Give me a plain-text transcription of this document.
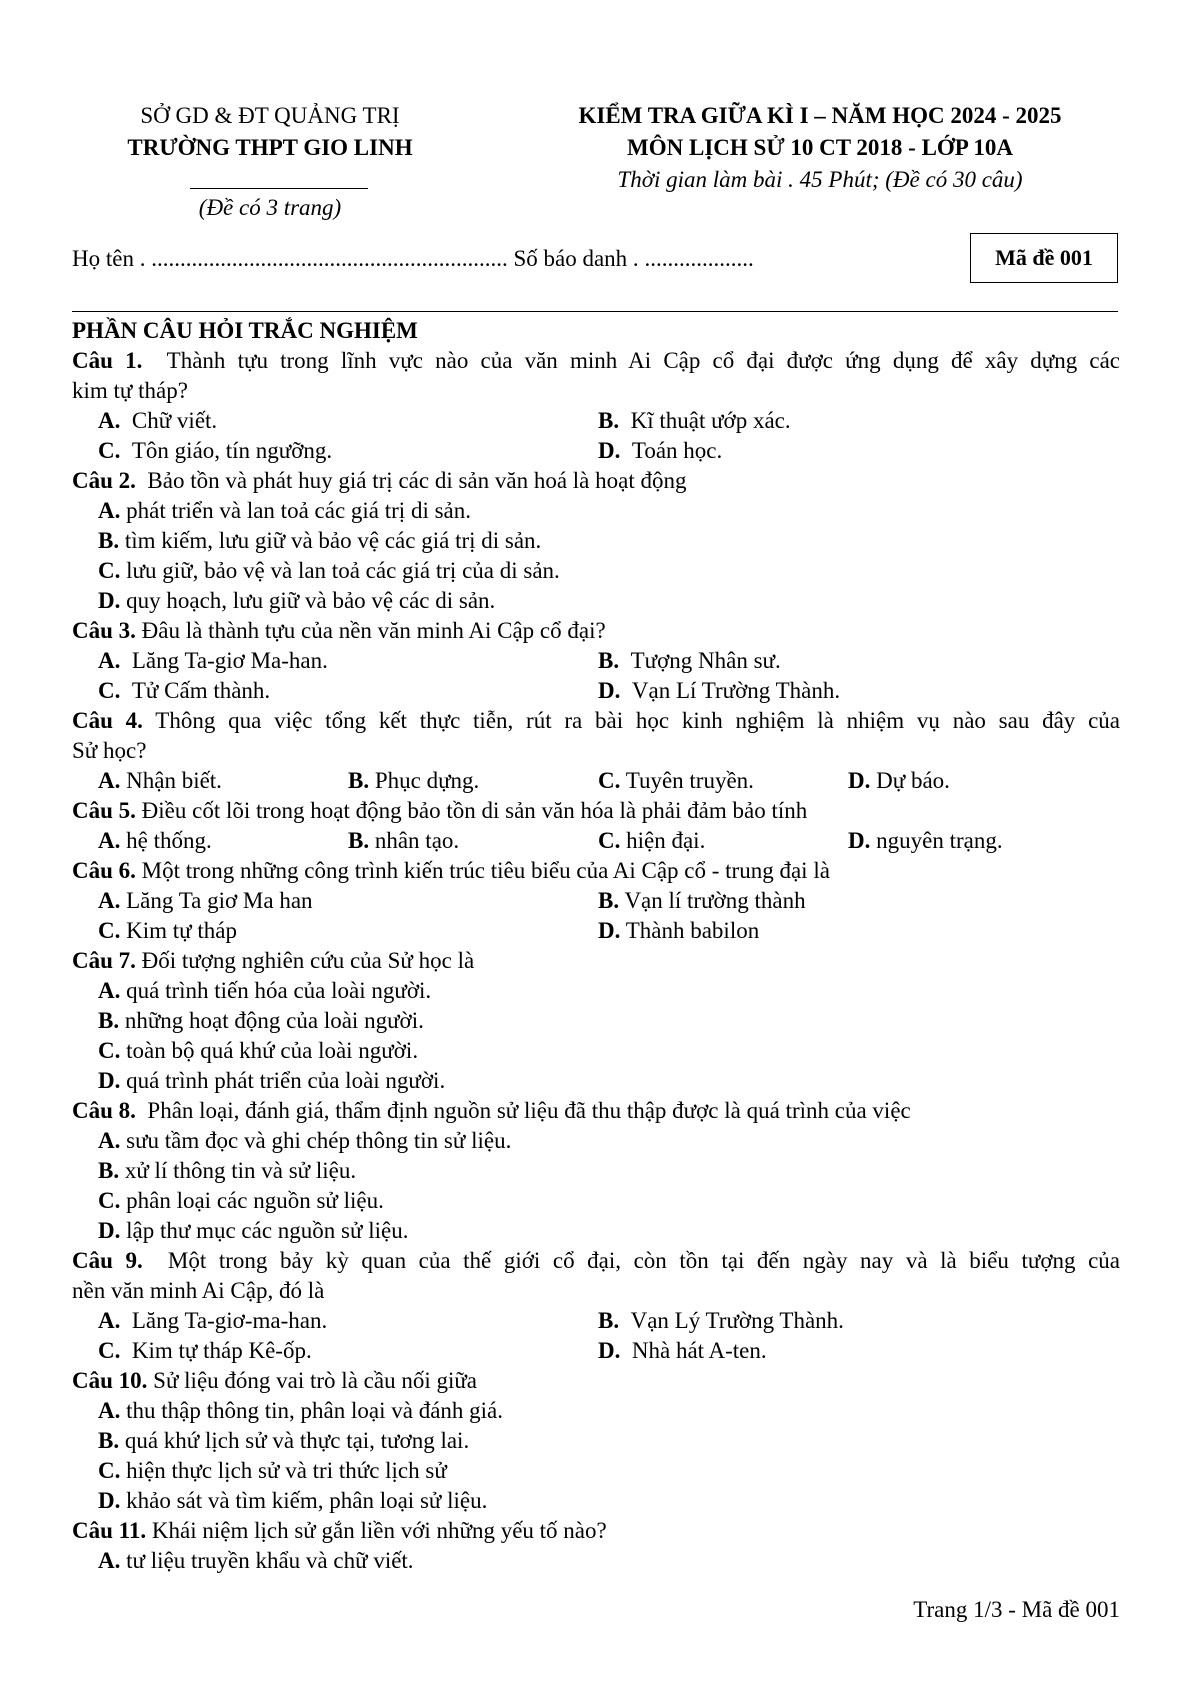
SỞ GD & ĐT QUẢNG TRỊ
TRƯỜNG THPT GIO LINH
(Đề có 3 trang)
KIỂM TRA GIỮA KÌ I – NĂM HỌC 2024 - 2025
MÔN LỊCH SỬ 10 CT 2018 - LỚP 10A
Thời gian làm bài . 45 Phút; (Đề có 30 câu)
Họ tên . .............................................................. Số báo danh . ...................	Mã đề 001
PHẦN CÂU HỎI TRẮC NGHIỆM
Câu 1. Thành tựu trong lĩnh vực nào của văn minh Ai Cập cổ đại được ứng dụng để xây dựng các
kim tự tháp?
A. Chữ viết.	B. Kĩ thuật ướp xác.
C. Tôn giáo, tín ngưỡng.	D. Toán học.
Câu 2. Bảo tồn và phát huy giá trị các di sản văn hoá là hoạt động
A. phát triển và lan toả các giá trị di sản.
B. tìm kiếm, lưu giữ và bảo vệ các giá trị di sản.
C. lưu giữ, bảo vệ và lan toả các giá trị của di sản.
D. quy hoạch, lưu giữ và bảo vệ các di sản.
Câu 3. Đâu là thành tựu của nền văn minh Ai Cập cổ đại?
A. Lăng Ta-giơ Ma-han.	B. Tượng Nhân sư.
C. Tử Cấm thành.	D. Vạn Lí Trường Thành.
Câu 4. Thông qua việc tổng kết thực tiễn, rút ra bài học kinh nghiệm là nhiệm vụ nào sau đây của
Sử học?
A. Nhận biết.	B. Phục dựng.	C. Tuyên truyền.	D. Dự báo.
Câu 5. Điều cốt lõi trong hoạt động bảo tồn di sản văn hóa là phải đảm bảo tính
A. hệ thống.	B. nhân tạo.	C. hiện đại.	D. nguyên trạng.
Câu 6. Một trong những công trình kiến trúc tiêu biểu của Ai Cập cổ - trung đại là
A. Lăng Ta giơ Ma han	B. Vạn lí trường thành
C. Kim tự tháp	D. Thành babilon
Câu 7. Đối tượng nghiên cứu của Sử học là
A. quá trình tiến hóa của loài người.
B. những hoạt động của loài người.
C. toàn bộ quá khứ của loài người.
D. quá trình phát triển của loài người.
Câu 8. Phân loại, đánh giá, thẩm định nguồn sử liệu đã thu thập được là quá trình của việc
A. sưu tầm đọc và ghi chép thông tin sử liệu.
B. xử lí thông tin và sử liệu.
C. phân loại các nguồn sử liệu.
D. lập thư mục các nguồn sử liệu.
Câu 9. Một trong bảy kỳ quan của thế giới cổ đại, còn tồn tại đến ngày nay và là biểu tượng của
nền văn minh Ai Cập, đó là
A. Lăng Ta-giơ-ma-han.	B. Vạn Lý Trường Thành.
C. Kim tự tháp Kê-ốp.	D. Nhà hát A-ten.
Câu 10. Sử liệu đóng vai trò là cầu nối giữa
A. thu thập thông tin, phân loại và đánh giá.
B. quá khứ lịch sử và thực tại, tương lai.
C. hiện thực lịch sử và tri thức lịch sử
D. khảo sát và tìm kiếm, phân loại sử liệu.
Câu 11. Khái niệm lịch sử gắn liền với những yếu tố nào?
A. tư liệu truyền khẩu và chữ viết.
Trang 1/3 - Mã đề 001
